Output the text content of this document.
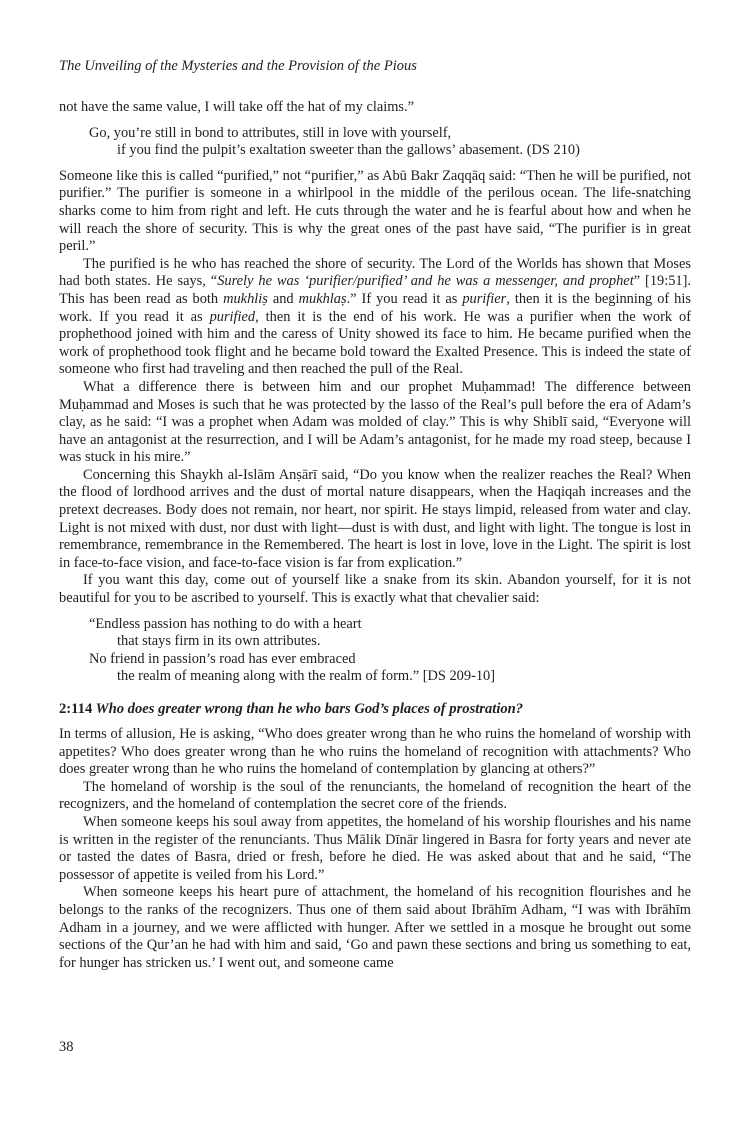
The Unveiling of the Mysteries and the Provision of the Pious

not have the same value, I will take off the hat of my claims.”

Go, you’re still in bond to attributes, still in love with yourself,
if you find the pulpit’s exaltation sweeter than the gallows’ abasement. (DS 210)

Someone like this is called “purified,” not “purifier,” as Abū Bakr Zaqqāq said: “Then he will be purified, not purifier.” The purifier is someone in a whirlpool in the middle of the perilous ocean. The life-snatching sharks come to him from right and left. He cuts through the water and he is fearful about how and when he will reach the shore of security. This is why the great ones of the past have said, “The purifier is in great peril.”

The purified is he who has reached the shore of security. The Lord of the Worlds has shown that Moses had both states. He says, “Surely he was ‘purifier/purified’ and he was a messenger, and prophet” [19:51]. This has been read as both mukhliṣ and mukhlaṣ.” If you read it as purifier, then it is the beginning of his work. If you read it as purified, then it is the end of his work. He was a purifier when the work of prophethood joined with him and the caress of Unity showed its face to him. He became purified when the work of prophethood took flight and he became bold toward the Exalted Presence. This is indeed the state of someone who first had traveling and then reached the pull of the Real.

What a difference there is between him and our prophet Muḥammad! The difference between Muḥammad and Moses is such that he was protected by the lasso of the Real’s pull before the era of Adam’s clay, as he said: “I was a prophet when Adam was molded of clay.” This is why Shiblī said, “Everyone will have an antagonist at the resurrection, and I will be Adam’s antagonist, for he made my road steep, because I was stuck in his mire.”

Concerning this Shaykh al-Islām Anṣārī said, “Do you know when the realizer reaches the Real? When the flood of lordhood arrives and the dust of mortal nature disappears, when the Haqiqah increases and the pretext decreases. Body does not remain, nor heart, nor spirit. He stays limpid, released from water and clay. Light is not mixed with dust, nor dust with light—dust is with dust, and light with light. The tongue is lost in remembrance, remembrance in the Remembered. The heart is lost in love, love in the Light. The spirit is lost in face-to-face vision, and face-to-face vision is far from explication.”

If you want this day, come out of yourself like a snake from its skin. Abandon yourself, for it is not beautiful for you to be ascribed to yourself. This is exactly what that chevalier said:

“Endless passion has nothing to do with a heart
that stays firm in its own attributes.
No friend in passion’s road has ever embraced
the realm of meaning along with the realm of form.” [DS 209-10]

2:114 Who does greater wrong than he who bars God’s places of prostration?

In terms of allusion, He is asking, “Who does greater wrong than he who ruins the homeland of worship with appetites? Who does greater wrong than he who ruins the homeland of recognition with attachments? Who does greater wrong than he who ruins the homeland of contemplation by glancing at others?”

The homeland of worship is the soul of the renunciants, the homeland of recognition the heart of the recognizers, and the homeland of contemplation the secret core of the friends.

When someone keeps his soul away from appetites, the homeland of his worship flourishes and his name is written in the register of the renunciants. Thus Mālik Dīnār lingered in Basra for forty years and never ate or tasted the dates of Basra, dried or fresh, before he died. He was asked about that and he said, “The possessor of appetite is veiled from his Lord.”

When someone keeps his heart pure of attachment, the homeland of his recognition flourishes and he belongs to the ranks of the recognizers. Thus one of them said about Ibrāhīm Adham, “I was with Ibrāhīm Adham in a journey, and we were afflicted with hunger. After we settled in a mosque he brought out some sections of the Qur’an he had with him and said, ‘Go and pawn these sections and bring us something to eat, for hunger has stricken us.’ I went out, and someone came

38
